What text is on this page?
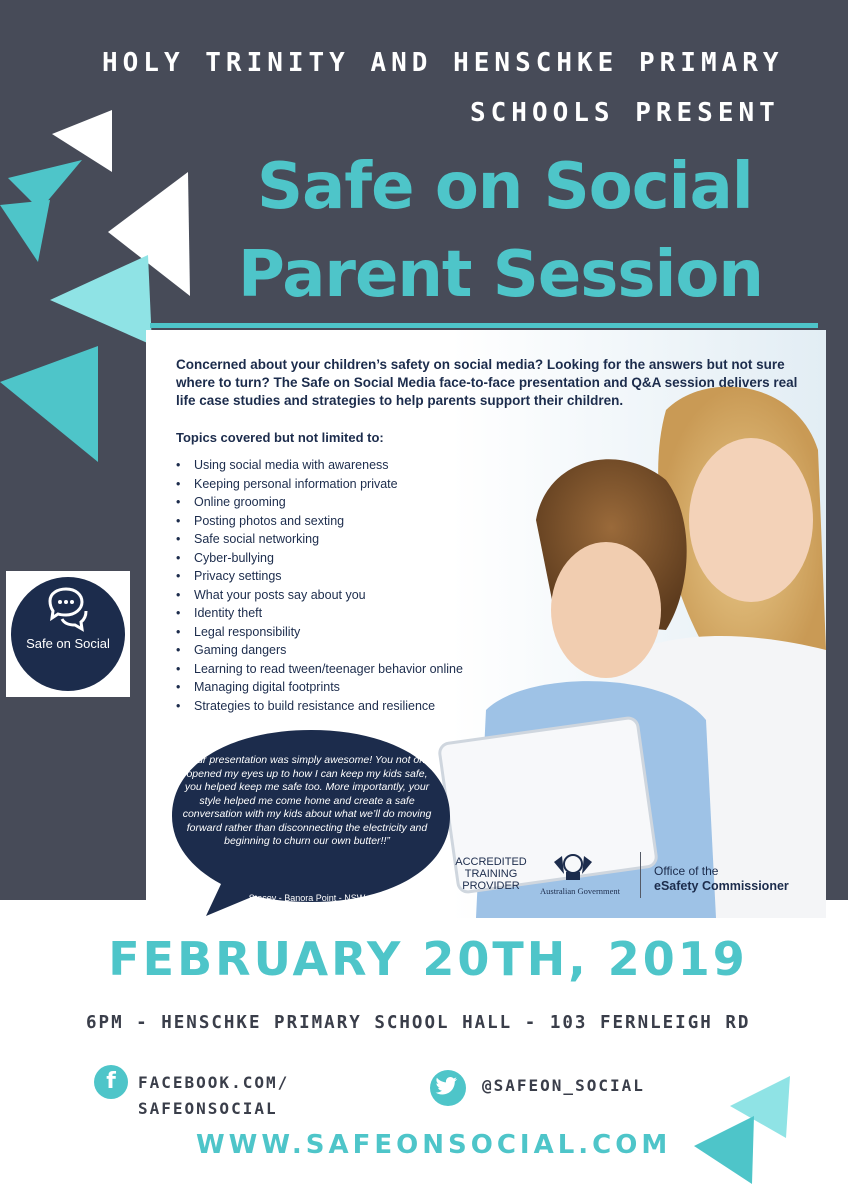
HOLY TRINITY AND HENSCHKE PRIMARY
SCHOOLS PRESENT
Safe on Social
Parent Session
Concerned about your children’s safety on social media? Looking for the answers but not sure where to turn? The Safe on Social Media face-to-face presentation and Q&A session delivers real life case studies and strategies to help parents support their children.
Topics covered but not limited to:
• Using social media with awareness
• Keeping personal information private
• Online grooming
• Posting photos and sexting
• Safe social networking
• Cyber-bullying
• Privacy settings
• What your posts say about you
• Identity theft
• Legal responsibility
• Gaming dangers
• Learning to read tween/teenager behavior online
• Managing digital footprints
• Strategies to build resistance and resilience
“Your presentation was simply awesome! You not only opened my eyes up to how I can keep my kids safe, you helped keep me safe too. More importantly, your style helped me come home and create a safe conversation with my kids about what we’ll do moving forward rather than disconnecting the electricity and beginning to churn our own butter!!”
Stacey - Banora Point - NSW
ACCREDITED TRAINING PROVIDER	Australian Government
Office of the
eSafety Commissioner
Safe on Social
FEBRUARY 20TH, 2019
6PM - HENSCHKE PRIMARY SCHOOL HALL - 103 FERNLEIGH RD
f	FACEBOOK.COM/
SAFEONSOCIAL
@SAFEON_SOCIAL
WWW.SAFEONSOCIAL.COM
